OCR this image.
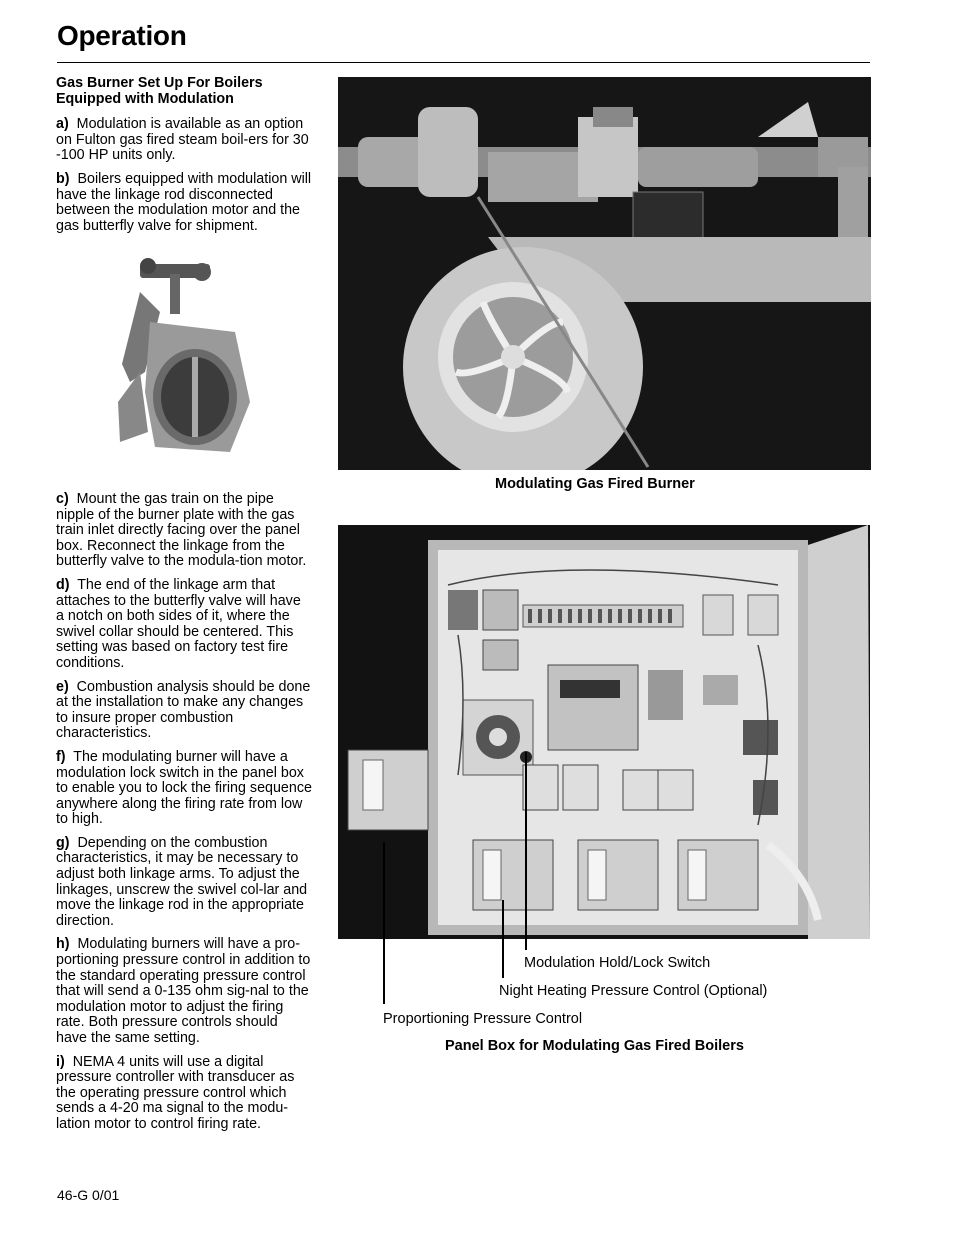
Operation

Gas Burner Set Up For Boilers Equipped with Modulation

a) Modulation is available as an option on Fulton gas fired steam boil-ers for 30 -100 HP units only.

b) Boilers equipped with modulation will have the linkage rod disconnected between the modulation motor and the gas butterfly valve for shipment.

c) Mount the gas train on the pipe nipple of the burner plate with the gas train inlet directly facing over the panel box. Reconnect the linkage from the butterfly valve to the modula-tion motor.

d) The end of the linkage arm that attaches to the butterfly valve will have a notch on both sides of it, where the swivel collar should be centered. This setting was based on factory test fire conditions.

e) Combustion analysis should be done at the installation to make any changes to insure proper combustion characteristics.

f) The modulating burner will have a modulation lock switch in the panel box to enable you to lock the firing sequence anywhere along the firing rate from low to high.

g) Depending on the combustion characteristics, it may be necessary to adjust both linkage arms. To adjust the linkages, unscrew the swivel col-lar and move the linkage rod in the appropriate direction.

h) Modulating burners will have a pro-portioning pressure control in addition to the standard operating pressure control that will send a 0-135 ohm sig-nal to the modulation motor to adjust the firing rate. Both pressure controls should have the same setting.

i) NEMA 4 units will use a digital pressure controller with transducer as the operating pressure control which sends a 4-20 ma signal to the modu-lation motor to control firing rate.

Modulating Gas Fired Burner
Modulation Hold/Lock Switch
Night Heating Pressure Control (Optional)
Proportioning Pressure Control
Panel Box for Modulating Gas Fired Boilers
46-G 0/01
